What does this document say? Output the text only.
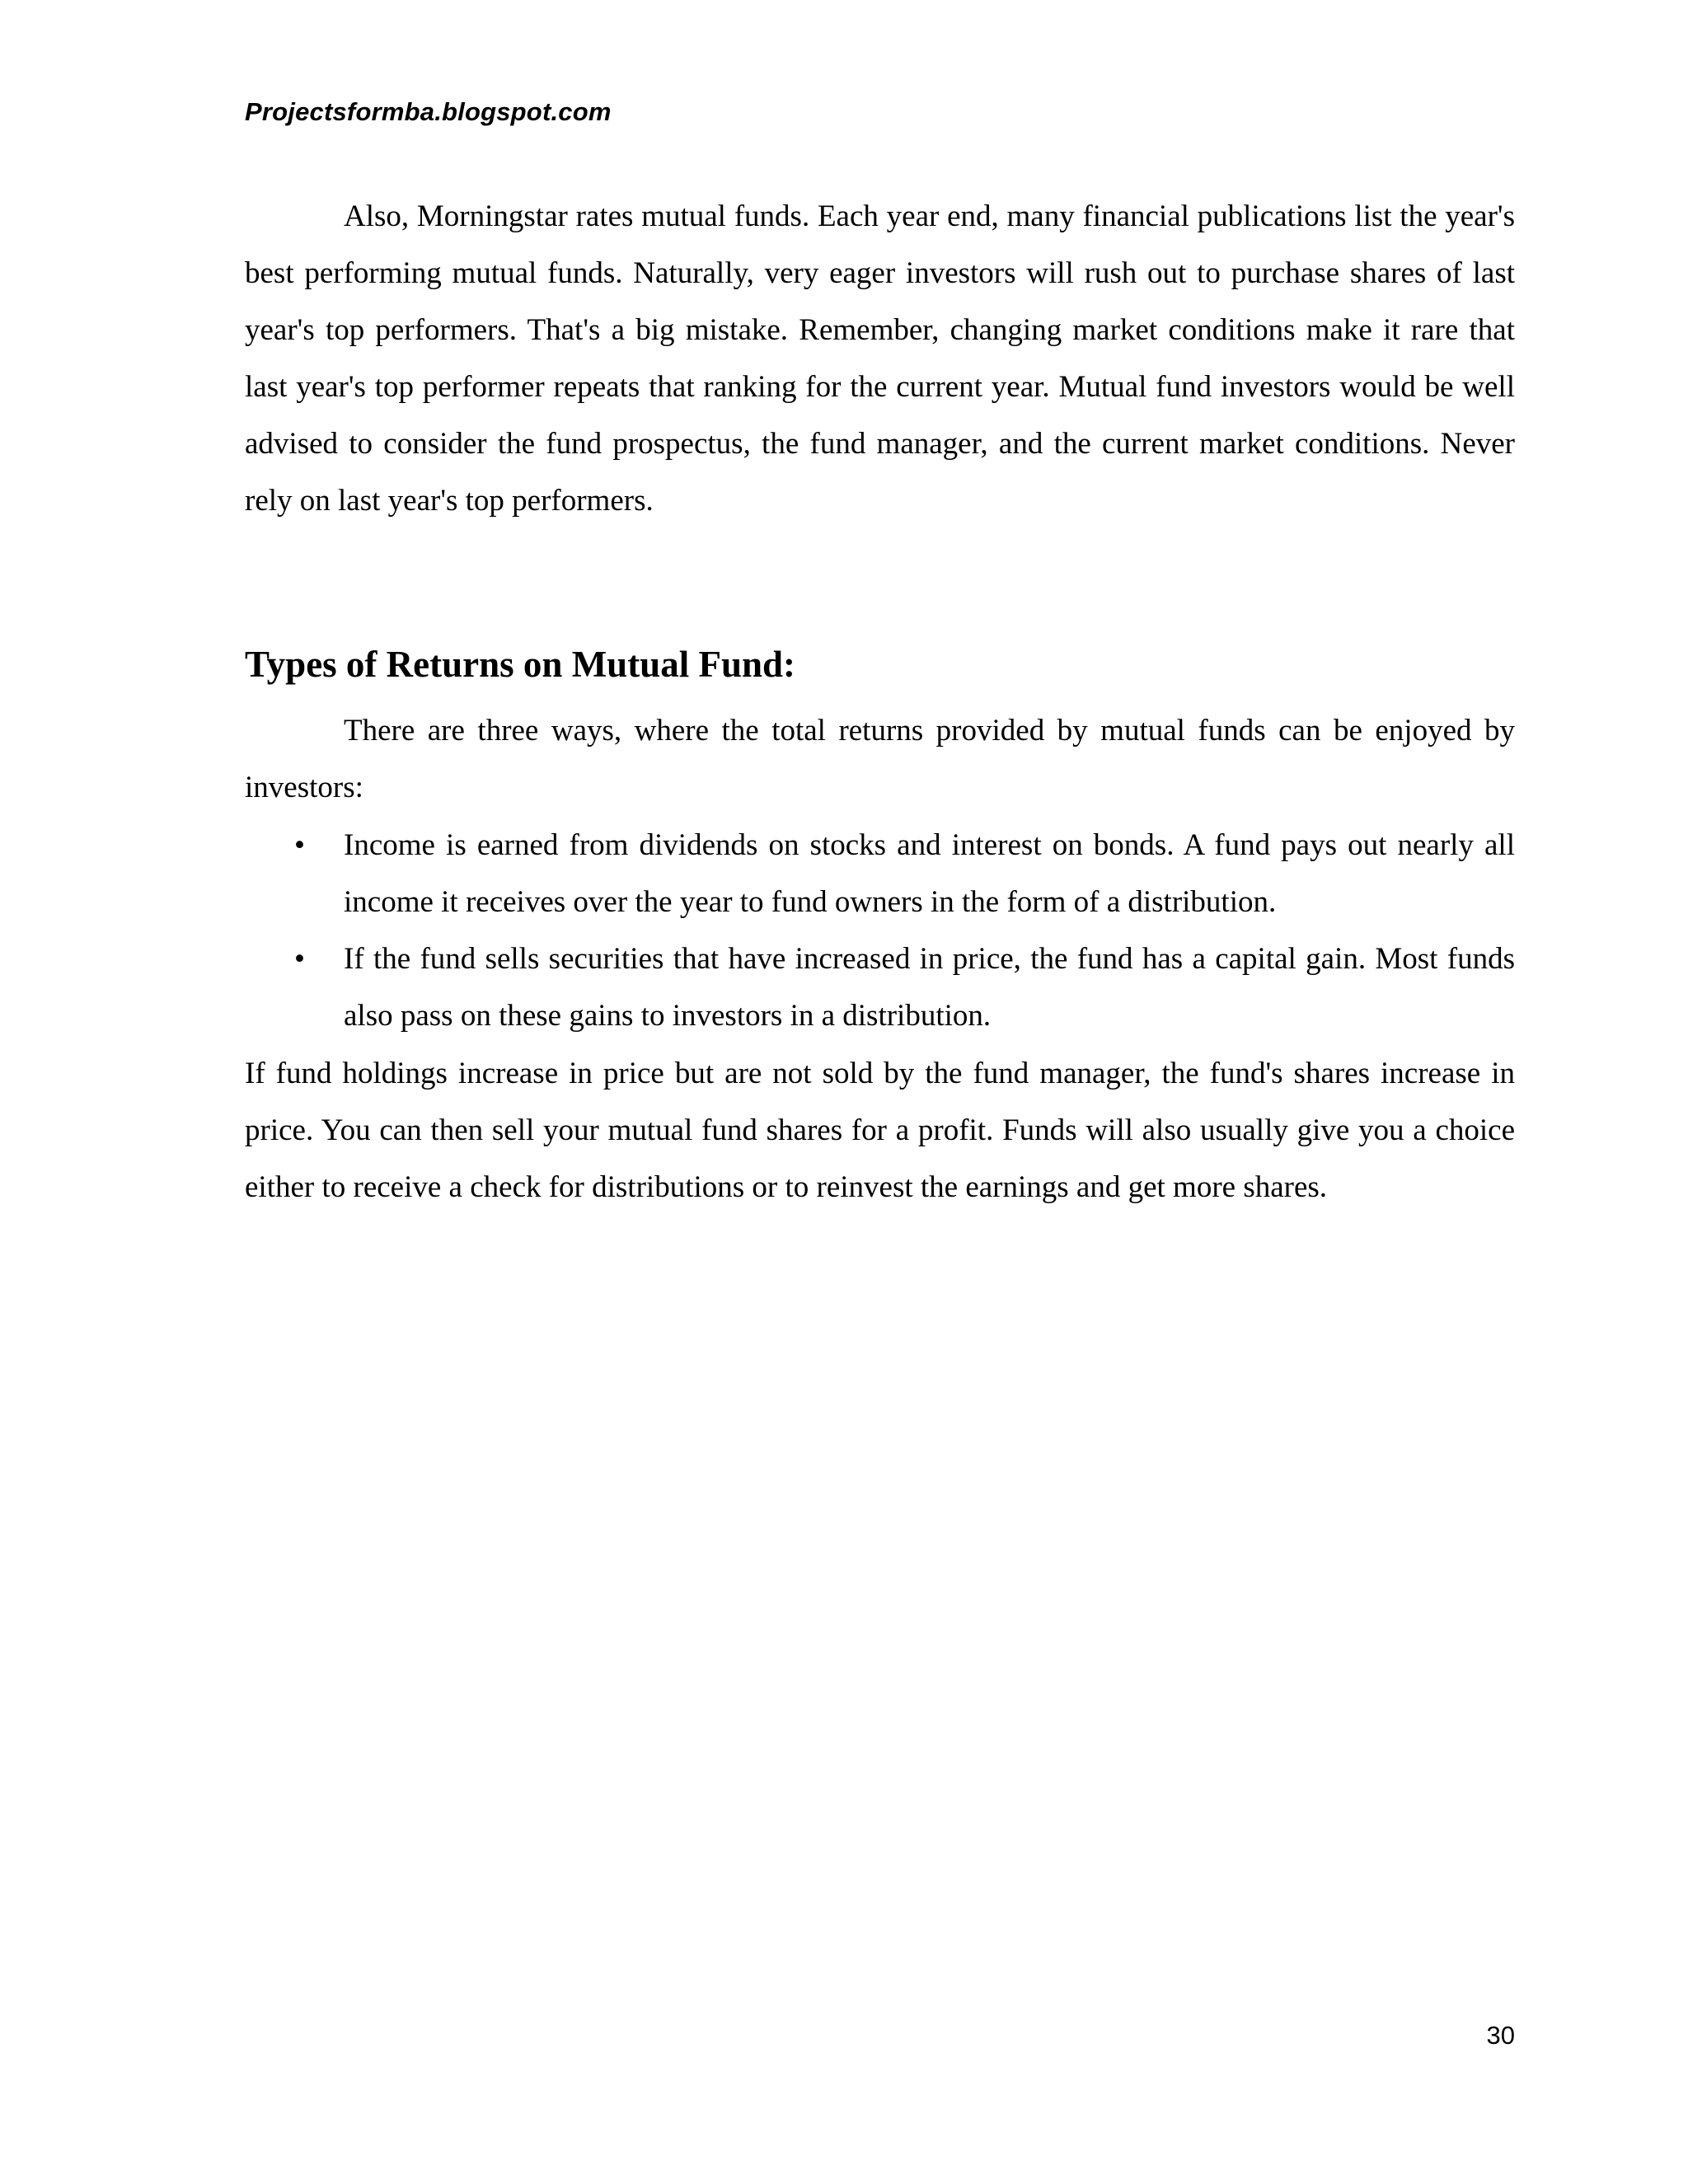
Projectsformba.blogspot.com

Also, Morningstar rates mutual funds. Each year end, many financial publications list the year's best performing mutual funds. Naturally, very eager investors will rush out to purchase shares of last year's top performers. That's a big mistake. Remember, changing market conditions make it rare that last year's top performer repeats that ranking for the current year. Mutual fund investors would be well advised to consider the fund prospectus, the fund manager, and the current market conditions. Never rely on last year's top performers.

Types of Returns on Mutual Fund:

There are three ways, where the total returns provided by mutual funds can be enjoyed by investors:

• Income is earned from dividends on stocks and interest on bonds. A fund pays out nearly all income it receives over the year to fund owners in the form of a distribution.
• If the fund sells securities that have increased in price, the fund has a capital gain. Most funds also pass on these gains to investors in a distribution.

If fund holdings increase in price but are not sold by the fund manager, the fund's shares increase in price. You can then sell your mutual fund shares for a profit. Funds will also usually give you a choice either to receive a check for distributions or to reinvest the earnings and get more shares.

30
